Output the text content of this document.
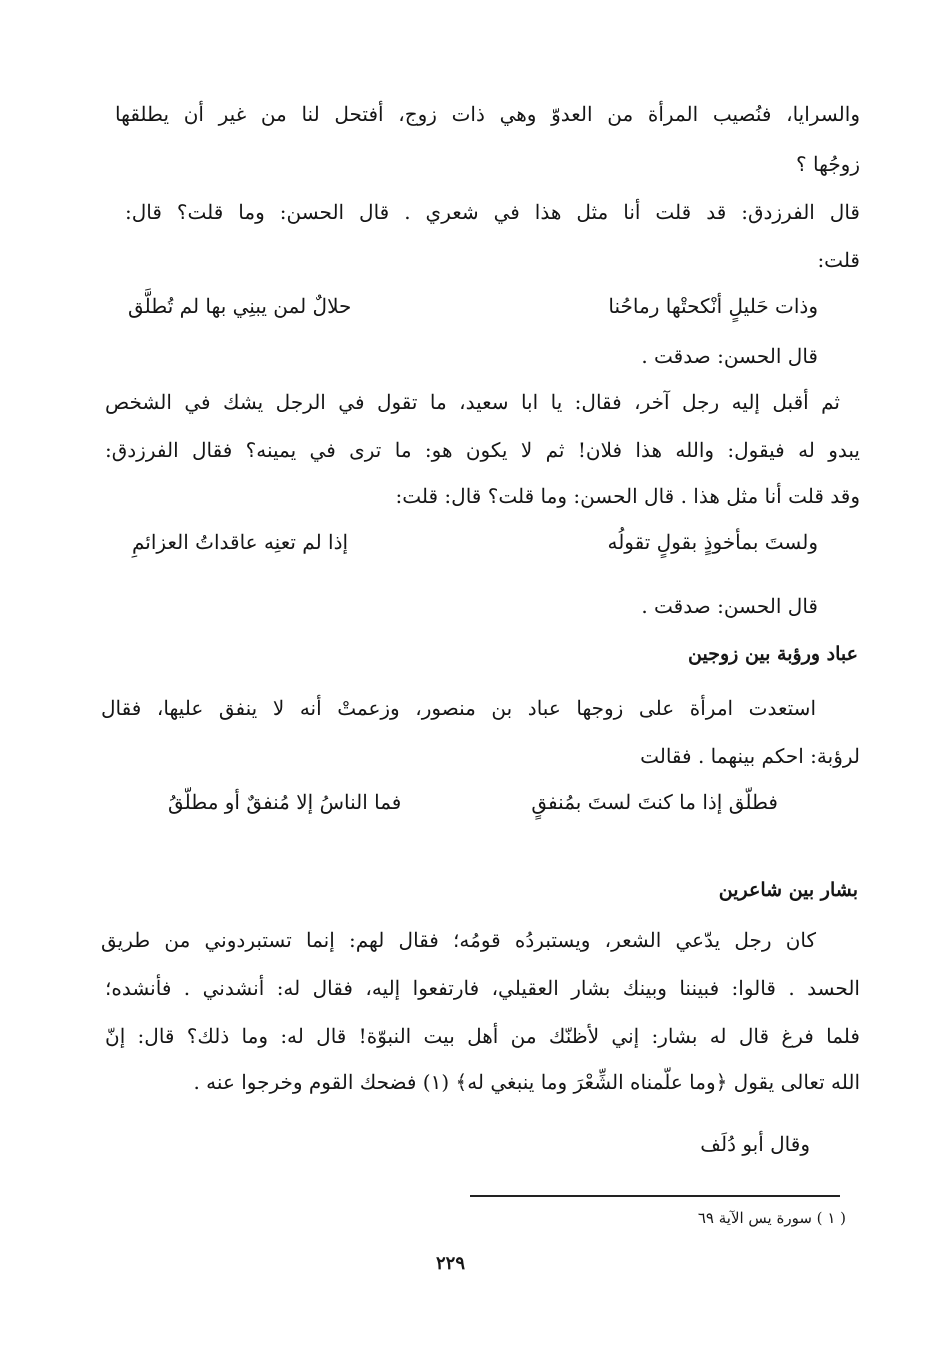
والسرايا، فنُصيب المرأة من العدوّ وهي ذات زوج، أفتحل لنا من غير أن يطلقها

زوجُها ؟

قال الفرزدق: قد قلت أنا مثل هذا في شعري . قال الحسن: وما قلت؟ قال:

قلت:

وذات حَليلٍ أنْكحتْها رماحُنا
حلالٌ لمن يبنِي بها لم تُطلَّق

قال الحسن: صدقت .

ثم أقبل إليه رجل آخر، فقال: يا ابا سعيد، ما تقول في الرجل يشك في الشخص

يبدو له فيقول: والله هذا فلان! ثم لا يكون هو: ما ترى في يمينه؟ فقال الفرزدق:

وقد قلت أنا مثل هذا . قال الحسن: وما قلت؟ قال: قلت:

ولستَ بمأخوذٍ بقولٍ تقولُه
إذا لم تعنِه عاقداتُ العزائمِ

قال الحسن: صدقت .

عباد ورؤبة بين زوجين

استعدت امرأة على زوجها عباد بن منصور، وزعمتْ أنه لا ينفق عليها، فقال

لرؤبة: احكم بينهما . فقالت

فطلّق إذا ما كنتَ لستَ بمُنفقٍ
فما الناسُ إلا مُنفقٌ أو مطلّقُ

بشار بين شاعرين

كان رجل يدّعي الشعر، ويستبردُه قومُه؛ فقال لهم: إنما تستبردوني من طريق

الحسد . قالوا: فبيننا وبينك بشار العقيلي، فارتفعوا إليه، فقال له: أنشدني . فأنشده؛

فلما فرغ قال له بشار: إني لأظنّك من أهل بيت النبوّة! قال له: وما ذلك؟ قال: إنّ

الله تعالى يقول ﴿وما علّمناه الشِّعْرَ وما ينبغي له﴾ (١) فضحك القوم وخرجوا عنه .

وقال أبو دُلَف

( ١ ) سورة يس الآية ٦٩

٢٢٩
